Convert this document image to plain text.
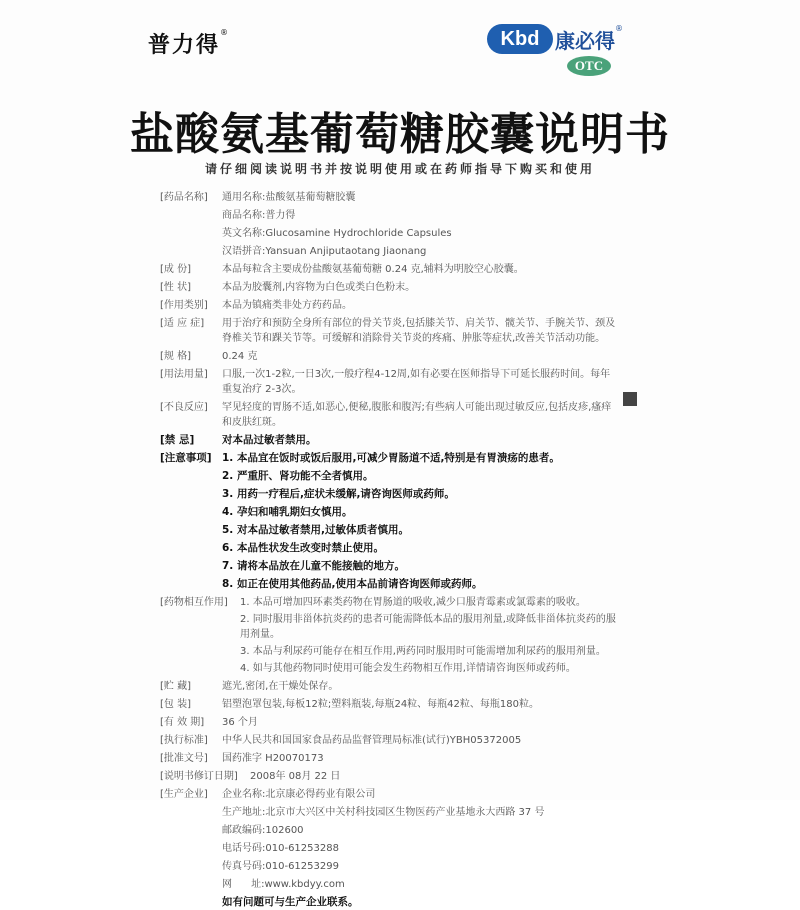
普力得®	Kbd 康必得®
OTC
盐酸氨基葡萄糖胶囊说明书
请仔细阅读说明书并按说明使用或在药师指导下购买和使用
[药品名称]	通用名称: 盐酸氨基葡萄糖胶囊
商品名称: 普力得
英文名称: Glucosamine Hydrochloride Capsules
汉语拼音: Yansuan Anjiputaotang Jiaonang
[成 份]	本品每粒含主要成份盐酸氨基葡萄糖 0.24 克,辅料为明胶空心胶囊。
[性 状]	本品为胶囊剂,内容物为白色或类白色粉末。
[作用类别]	本品为镇痛类非处方药药品。
[适 应 症]	用于治疗和预防全身所有部位的骨关节炎,包括膝关节、肩关节、髋关节、手腕关节、颈及脊椎关节和踝关节等。可缓解和消除骨关节炎的疼痛、肿胀等症状,改善关节活动功能。
[规 格]	0.24 克
[用法用量]	口服,一次1-2粒,一日3次,一般疗程4-12周,如有必要在医师指导下可延长服药时间。每年重复治疗 2-3次。
[不良反应]	罕见轻度的胃肠不适,如恶心,便秘,腹胀和腹泻;有些病人可能出现过敏反应,包括皮疹,瘙痒和皮肤红斑。
[禁 忌]	对本品过敏者禁用。
[注意事项] 1. 本品宜在饭时或饭后服用,可减少胃肠道不适,特别是有胃溃疡的患者。
2. 严重肝、肾功能不全者慎用。
3. 用药一疗程后,症状未缓解,请咨询医师或药师。
4. 孕妇和哺乳期妇女慎用。
5. 对本品过敏者禁用,过敏体质者慎用。
6. 本品性状发生改变时禁止使用。
7. 请将本品放在儿童不能接触的地方。
8. 如正在使用其他药品,使用本品前请咨询医师或药师。
[药物相互作用]	1. 本品可增加四环素类药物在胃肠道的吸收,减少口服青霉素或氯霉素的吸收。
2. 同时服用非甾体抗炎药的患者可能需降低本品的服用剂量,或降低非甾体抗炎药的服用剂量。
3. 本品与利尿药可能存在相互作用,两药同时服用时可能需增加利尿药的服用剂量。
4. 如与其他药物同时使用可能会发生药物相互作用,详情请咨询医师或药师。
[贮 藏]	遮光,密闭,在干燥处保存。
[包 装]	铝塑泡罩包装,每板12粒;塑料瓶装,每瓶24粒、每瓶42粒、每瓶180粒。
[有 效 期]	36 个月
[执行标准]	中华人民共和国国家食品药品监督管理局标准(试行)YBH05372005
[批准文号]	国药准字 H20070173
[说明书修订日期]	2008年 08月 22 日
[生产企业]	企业名称: 北京康必得药业有限公司
生产地址: 北京市大兴区中关村科技园区生物医药产业基地永大西路 37 号
邮政编码: 102600
电话号码: 010-61253288
传真号码: 010-61253299
网      址: www.kbdyy.com
如有问题可与生产企业联系。
